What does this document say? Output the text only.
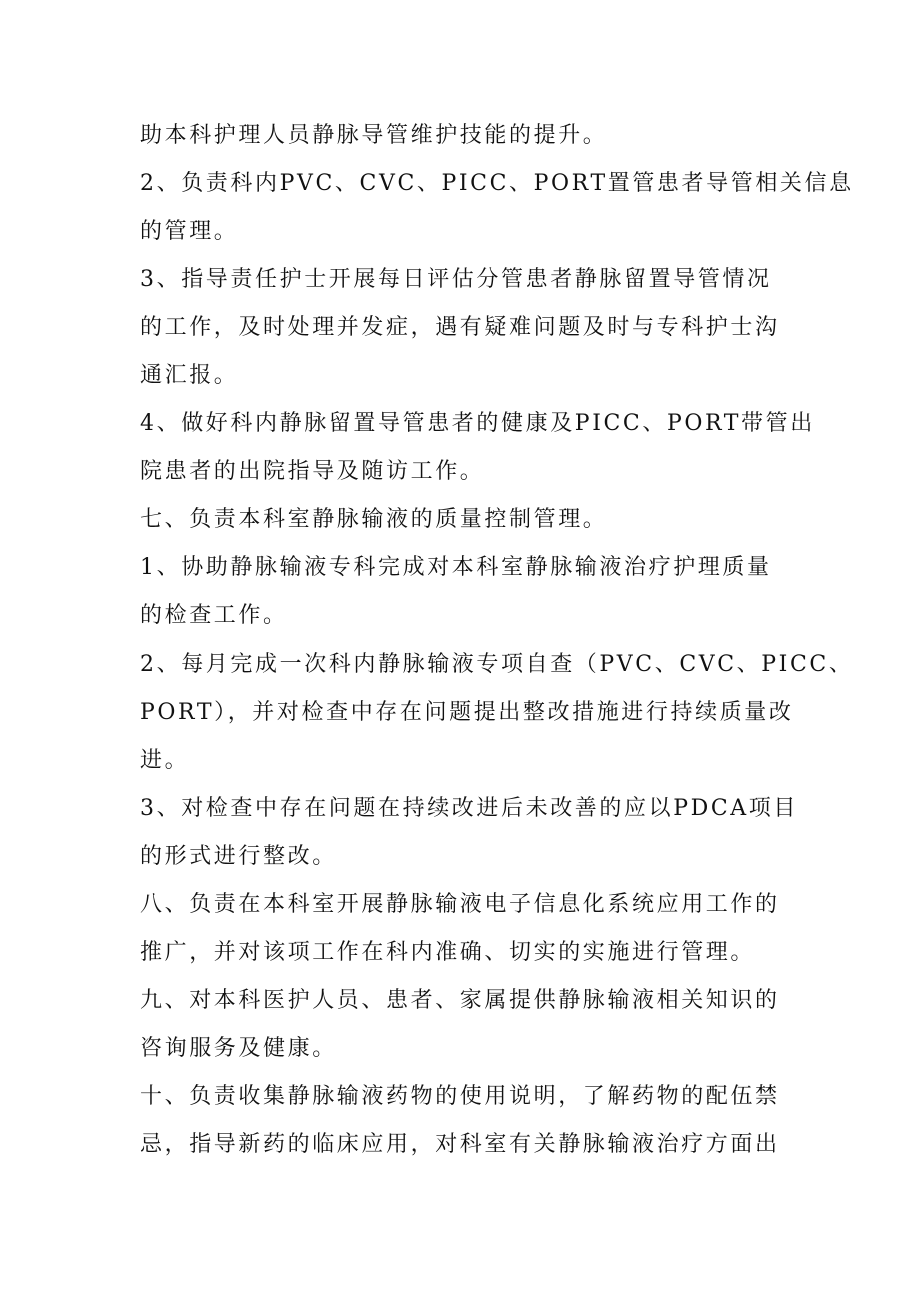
助本科护理人员静脉导管维护技能的提升。

2、负责科内PVC、CVC、PICC、PORT置管患者导管相关信息

的管理。

3、指导责任护士开展每日评估分管患者静脉留置导管情况

的工作，及时处理并发症，遇有疑难问题及时与专科护士沟

通汇报。

4、做好科内静脉留置导管患者的健康及PICC、PORT带管出

院患者的出院指导及随访工作。

七、负责本科室静脉输液的质量控制管理。

1、协助静脉输液专科完成对本科室静脉输液治疗护理质量

的检查工作。

2、每月完成一次科内静脉输液专项自查（PVC、CVC、PICC、

PORT），并对检查中存在问题提出整改措施进行持续质量改

进。

3、对检查中存在问题在持续改进后未改善的应以PDCA项目

的形式进行整改。

八、负责在本科室开展静脉输液电子信息化系统应用工作的

推广，并对该项工作在科内准确、切实的实施进行管理。

九、对本科医护人员、患者、家属提供静脉输液相关知识的

咨询服务及健康。

十、负责收集静脉输液药物的使用说明，了解药物的配伍禁

忌，指导新药的临床应用，对科室有关静脉输液治疗方面出
